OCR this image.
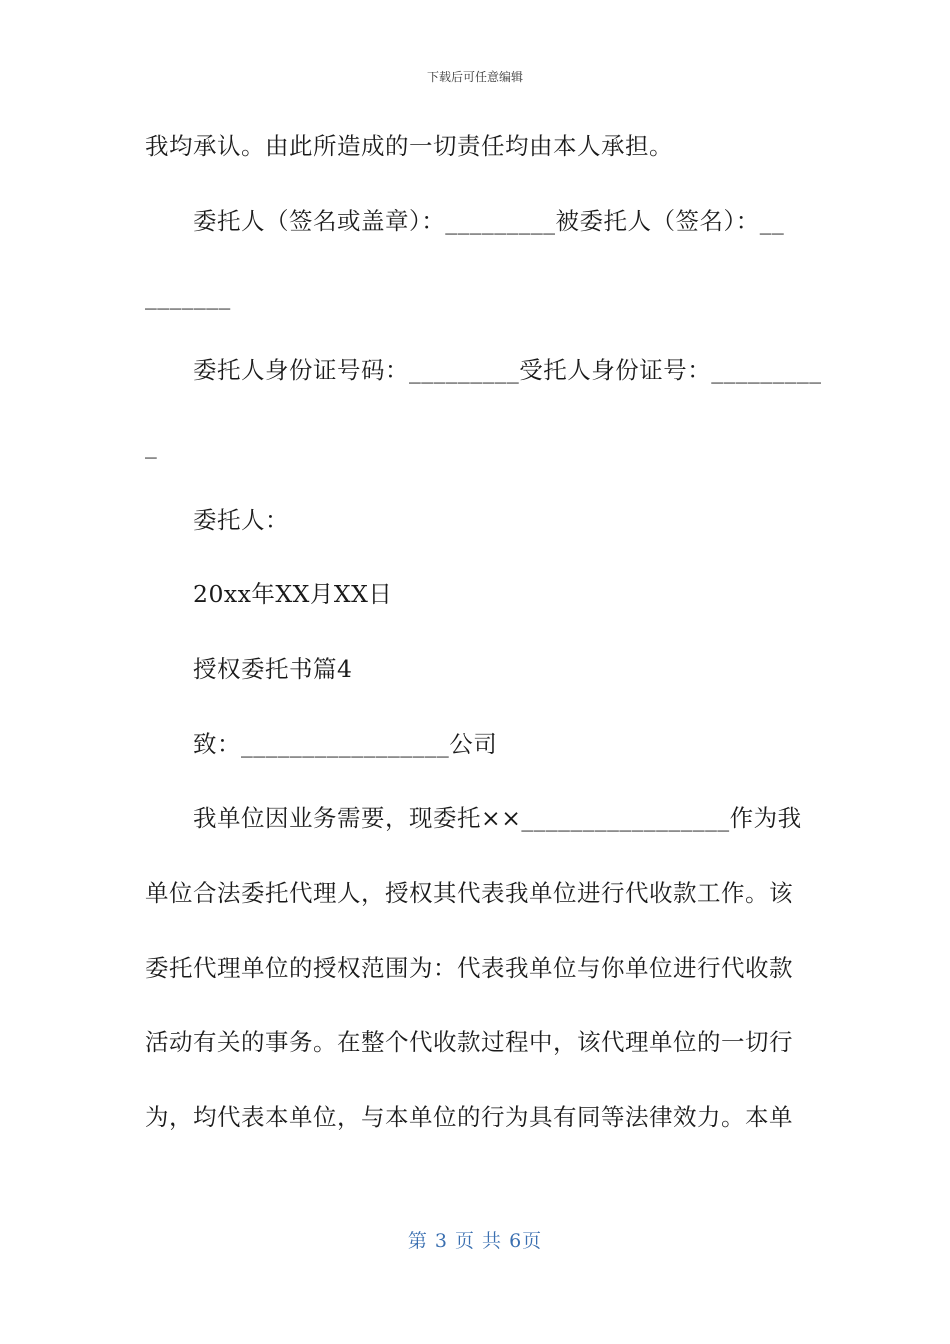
下载后可任意编辑
我均承认。由此所造成的一切责任均由本人承担。
委托人（签名或盖章）：_________被委托人（签名）：__
_______
委托人身份证号码：_________受托人身份证号：_________
_
委托人：
20xx年XX月XX日
授权委托书篇4
致：_________________公司
我单位因业务需要，现委托××_________________作为我
单位合法委托代理人，授权其代表我单位进行代收款工作。该
委托代理单位的授权范围为：代表我单位与你单位进行代收款
活动有关的事务。在整个代收款过程中，该代理单位的一切行
为，均代表本单位，与本单位的行为具有同等法律效力。本单
第 3 页 共 6页
